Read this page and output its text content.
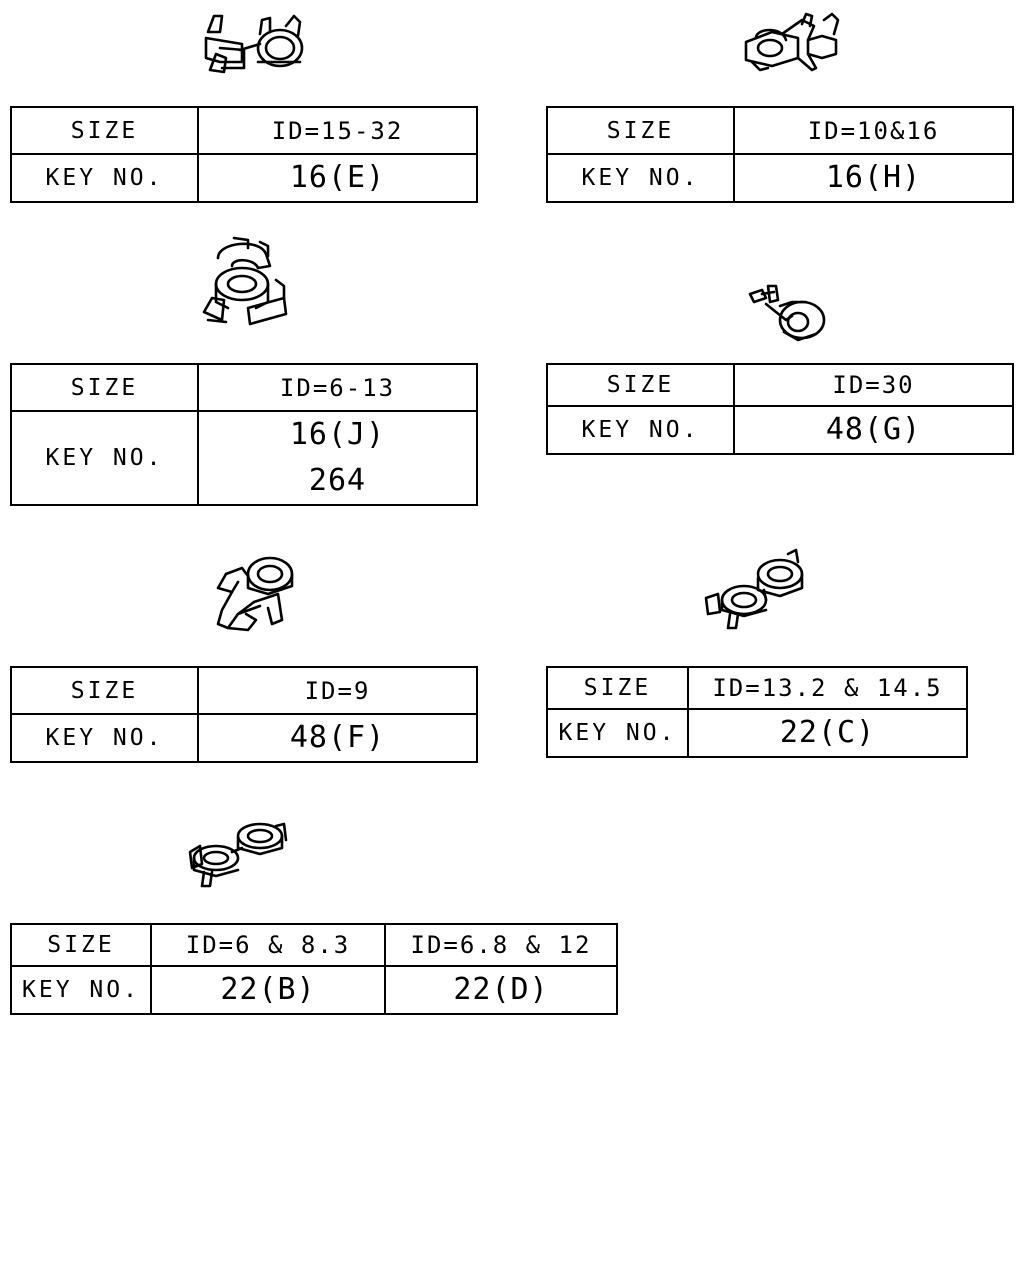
SIZE	ID=15-32
KEY NO.	16(E)
SIZE	ID=10&16
KEY NO.	16(H)
SIZE	ID=6-13
KEY NO.	16(J)
264
SIZE	ID=30
KEY NO.	48(G)
SIZE	ID=9
KEY NO.	48(F)
SIZE	ID=13.2 & 14.5
KEY NO.	22(C)
SIZE	ID=6 & 8.3	ID=6.8 & 12
KEY NO.	22(B)	22(D)
